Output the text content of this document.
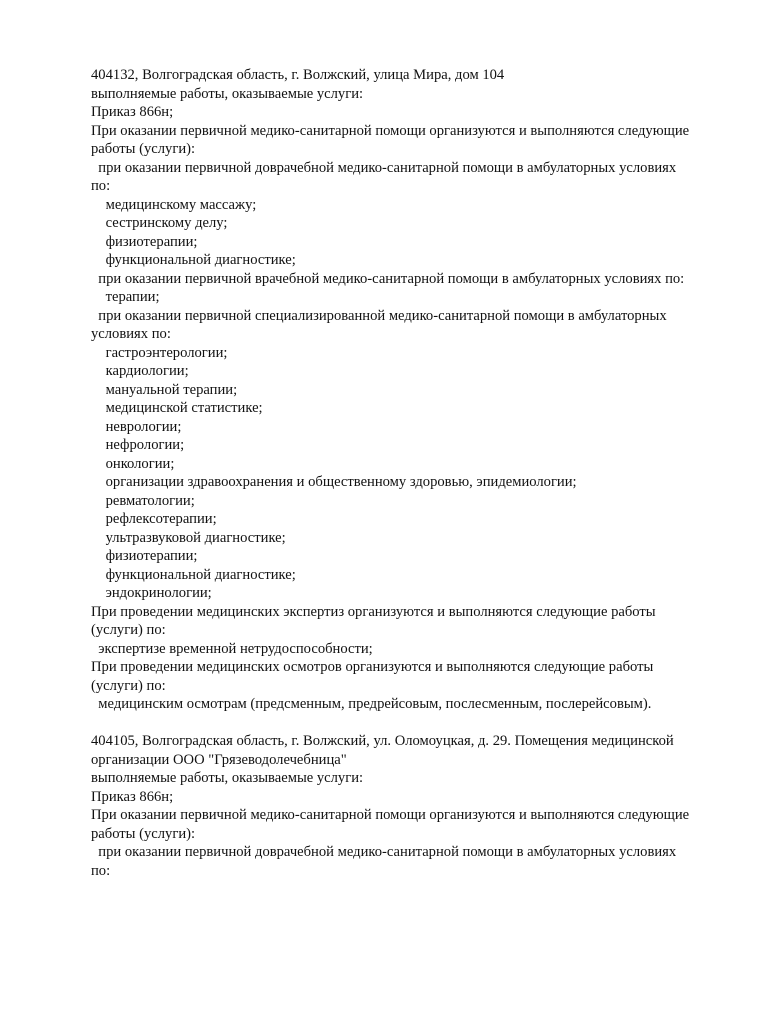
404132, Волгоградская область, г. Волжский, улица Мира, дом 104
выполняемые работы, оказываемые услуги:
Приказ 866н;
При оказании первичной медико-санитарной помощи организуются и выполняются следующие
работы (услуги):
при оказании первичной доврачебной медико-санитарной помощи в амбулаторных условиях
по:
медицинскому массажу;
сестринскому делу;
физиотерапии;
функциональной диагностике;
при оказании первичной врачебной медико-санитарной помощи в амбулаторных условиях по:
терапии;
при оказании первичной специализированной медико-санитарной помощи в амбулаторных
условиях по:
гастроэнтерологии;
кардиологии;
мануальной терапии;
медицинской статистике;
неврологии;
нефрологии;
онкологии;
организации здравоохранения и общественному здоровью, эпидемиологии;
ревматологии;
рефлексотерапии;
ультразвуковой диагностике;
физиотерапии;
функциональной диагностике;
эндокринологии;
При проведении медицинских экспертиз организуются и выполняются следующие работы
(услуги) по:
экспертизе временной нетрудоспособности;
При проведении медицинских осмотров организуются и выполняются следующие работы
(услуги) по:
медицинским осмотрам (предсменным, предрейсовым, послесменным, послерейсовым).
404105, Волгоградская область, г. Волжский, ул. Оломоуцкая, д. 29. Помещения медицинской
организации ООО "Грязеводолечебница"
выполняемые работы, оказываемые услуги:
Приказ 866н;
При оказании первичной медико-санитарной помощи организуются и выполняются следующие
работы (услуги):
при оказании первичной доврачебной медико-санитарной помощи в амбулаторных условиях
по:
